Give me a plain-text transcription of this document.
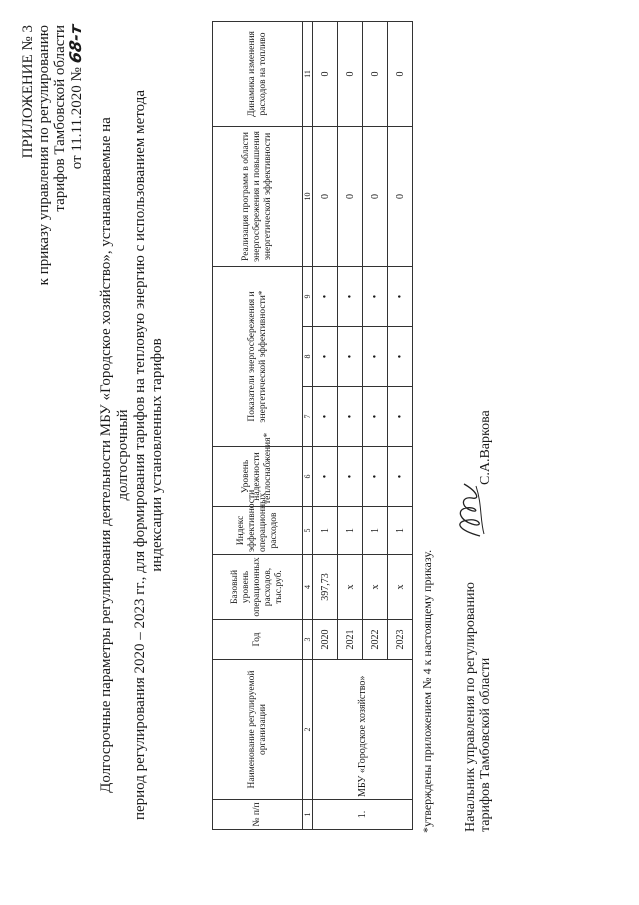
ПРИЛОЖЕНИЕ № 3 к приказу управления по регулированию тарифов Тамбовской области от 11.11.2020 №68-т
Долгосрочные параметры регулирования деятельности МБУ «Городское хозяйство», устанавливаемые на долгосрочный период регулирования 2020 – 2023 гг., для формирования тарифов на тепловую энергию с использованием метода индексации установленных тарифов
№ п/п	Наименование регулируемой организации	Год	Базовый уровень операционных расходов, тыс.руб.	Индекс эффективности операционных расходов	Уровень надежности теплоснабжения*	Показатели энергосбережения и энергетической эффективности*			Реализация программ в области энергосбережения и повышения энергетической эффективности	Динамика изменения расходов на топливо
1	2	3	4	5	6	7	8	9	10	11
1.	МБУ «Городское хозяйство»	2020	397,73	1	•	•	•	•	0	0
		2021	х	1	•	•	•	•	0	0
		2022	х	1	•	•	•	•	0	0
		2023	х	1	•	•	•	•	0	0
*утверждены приложением № 4 к настоящему приказу. Начальник управления по регулированию тарифов Тамбовской области
С.А.Варкова
